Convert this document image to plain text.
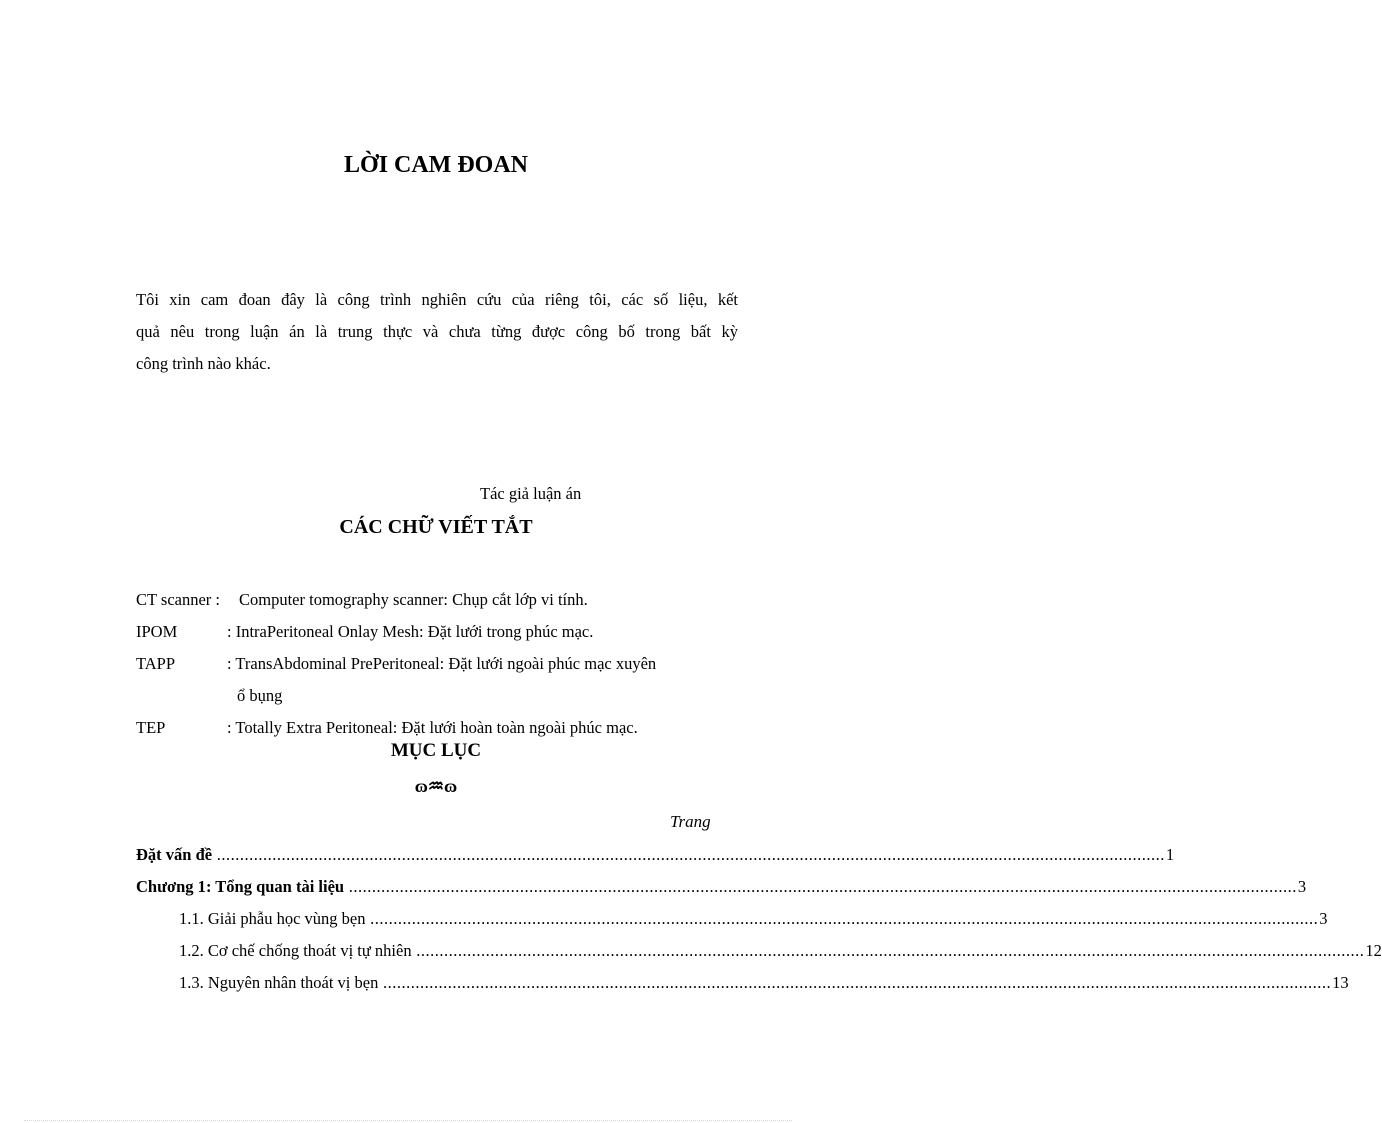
LỜI CAM ĐOAN
Tôi xin cam đoan đây là công trình nghiên cứu của riêng tôi, các số liệu, kết
quả nêu trong luận án là trung thực và chưa từng được công bố trong bất kỳ
công trình nào khác.
Tác giả luận án
CÁC CHỮ VIẾT TẮT
CT scanner : Computer tomography scanner: Chụp cắt lớp vi tính.
IPOM	: IntraPeritoneal Onlay Mesh: Đặt lưới trong phúc mạc.
TAPP	: TransAbdominal PrePeritoneal: Đặt lưới ngoài phúc mạc xuyên
ổ bụng
TEP	: Totally Extra Peritoneal: Đặt lưới hoàn toàn ngoài phúc mạc.
MỤC LỤC
ɷ♒︎ɷ
Trang
Đặt vấn đề ............................................................................................................................................................................................................. 1
Chương 1 : Tổng quan tài liệu ............................................................................................................................................................................................................. 3
1.1. Giải phẫu học vùng bẹn ............................................................................................................................................................................................................. 3
1.2. Cơ chế chống thoát vị tự nhiên ............................................................................................................................................................................................................. 12
1.3. Nguyên nhân thoát vị bẹn ............................................................................................................................................................................................................. 13
